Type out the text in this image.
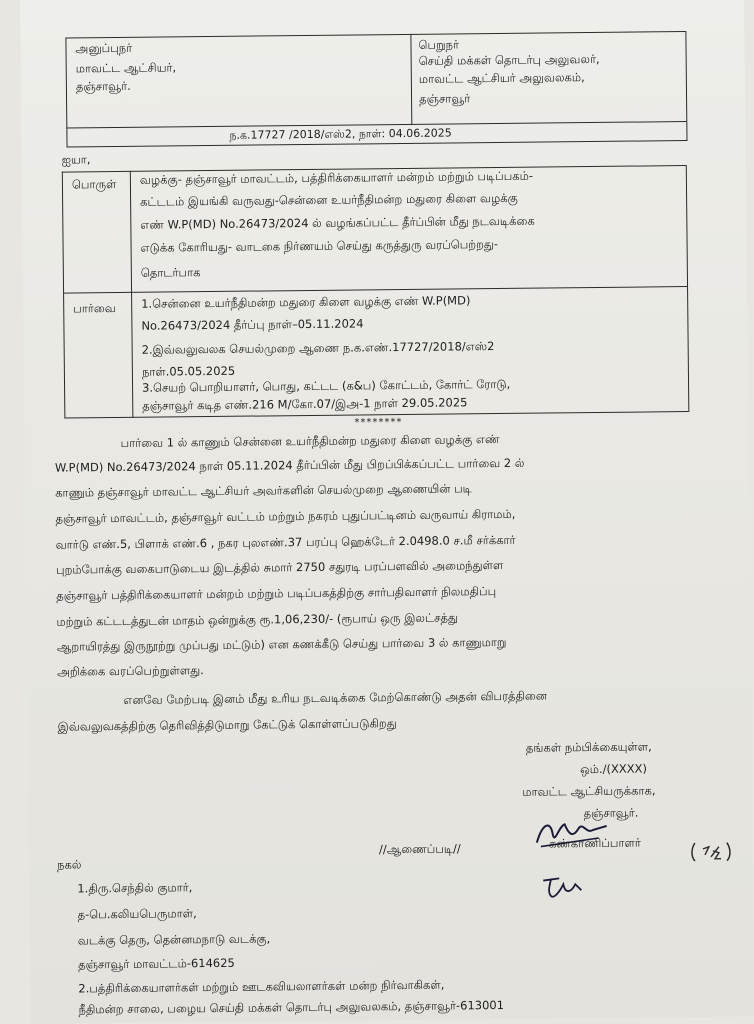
அனுப்புநர்
மாவட்ட ஆட்சியர்,
தஞ்சாவூர்.
பெறுநர்
செய்தி மக்கள் தொடர்பு அலுவலர்,
மாவட்ட ஆட்சியர் அலுவலகம்,
தஞ்சாவூர்
ந.க.17727 /2018/எஸ்2, நாள்: 04.06.2025
ஐயா,
பொருள் வழக்கு- தஞ்சாவூர் மாவட்டம், பத்திரிக்கையாளர் மன்றம் மற்றும் படிப்பகம்-
கட்டடம் இயங்கி வருவது-சென்னை உயர்நீதிமன்ற மதுரை கிளை வழக்கு
எண் W.P(MD) No.26473/2024 ல் வழங்கப்பட்ட தீர்ப்பின் மீது நடவடிக்கை
எடுக்க கோரியது- வாடகை நிர்ணயம் செய்து கருத்துரு வரப்பெற்றது-
தொடர்பாக
பார்வை 1.சென்னை உயர்நீதிமன்ற மதுரை கிளை வழக்கு எண் W.P(MD)
No.26473/2024 தீர்ப்பு நாள்–05.11.2024
2.இவ்வலுவலக செயல்முறை ஆணை ந.க.எண்.17727/2018/எஸ்2
நாள்.05.05.2025
3.செயற் பொறியாளர், பொது, கட்டட (க&ப) கோட்டம், கோர்ட் ரோடு,
தஞ்சாவூர் கடித எண்.216 M/கோ.07/இஅ-1 நாள் 29.05.2025
********
பார்வை 1 ல் காணும் சென்னை உயர்நீதிமன்ற மதுரை கிளை வழக்கு எண்
W.P(MD) No.26473/2024 நாள் 05.11.2024 தீர்ப்பின் மீது பிறப்பிக்கப்பட்ட பார்வை 2 ல்
காணும் தஞ்சாவூர் மாவட்ட ஆட்சியர் அவர்களின் செயல்முறை ஆணையின் படி
தஞ்சாவூர் மாவட்டம், தஞ்சாவூர் வட்டம் மற்றும் நகரம் புதுப்பட்டினம் வருவாய் கிராமம்,
வார்டு எண்.5, பிளாக் எண்.6 , நகர புலஎண்.37 பரப்பு ஹெக்டேர் 2.0498.0 ச.மீ சர்க்கார்
புறம்போக்கு வகைபாடுடைய இடத்தில் சுமார் 2750 சதுரடி பரப்பளவில் அமைந்துள்ள
தஞ்சாவூர் பத்திரிக்கையாளர் மன்றம் மற்றும் படிப்பகத்திற்கு சார்பதிவாளர் நிலமதிப்பு
மற்றும் கட்டடத்துடன் மாதம் ஒன்றுக்கு ரூ.1,06,230/- (ரூபாய் ஒரு இலட்சத்து
ஆறாயிரத்து இருநூற்று முப்பது மட்டும்) என கணக்கீடு செய்து பார்வை 3 ல் காணுமாறு
அறிக்கை வரப்பெற்றுள்ளது.
எனவே மேற்படி இனம் மீது உரிய நடவடிக்கை மேற்கொண்டு அதன் விபரத்தினை
இவ்வலுவகத்திற்கு தெரிவித்திடுமாறு கேட்டுக் கொள்ளப்படுகிறது
தங்கள் நம்பிக்கையுள்ள,
ஒம்./(XXXX)
மாவட்ட ஆட்சியருக்காக,
தஞ்சாவூர்.
//ஆணைப்படி//	கண்காணிப்பாளர்
நகல்
1.திரு.செந்தில் குமார்,
த-பெ.கலியபெருமாள்,
வடக்கு தெரு, தென்னமநாடு வடக்கு,
தஞ்சாவூர் மாவட்டம்-614625
2.பத்திரிக்கையாளர்கள் மற்றும் ஊடகவியலாளர்கள் மன்ற நிர்வாகிகள்,
நீதிமன்ற சாலை, பழைய செய்தி மக்கள் தொடர்பு அலுவலகம், தஞ்சாவூர்-613001
